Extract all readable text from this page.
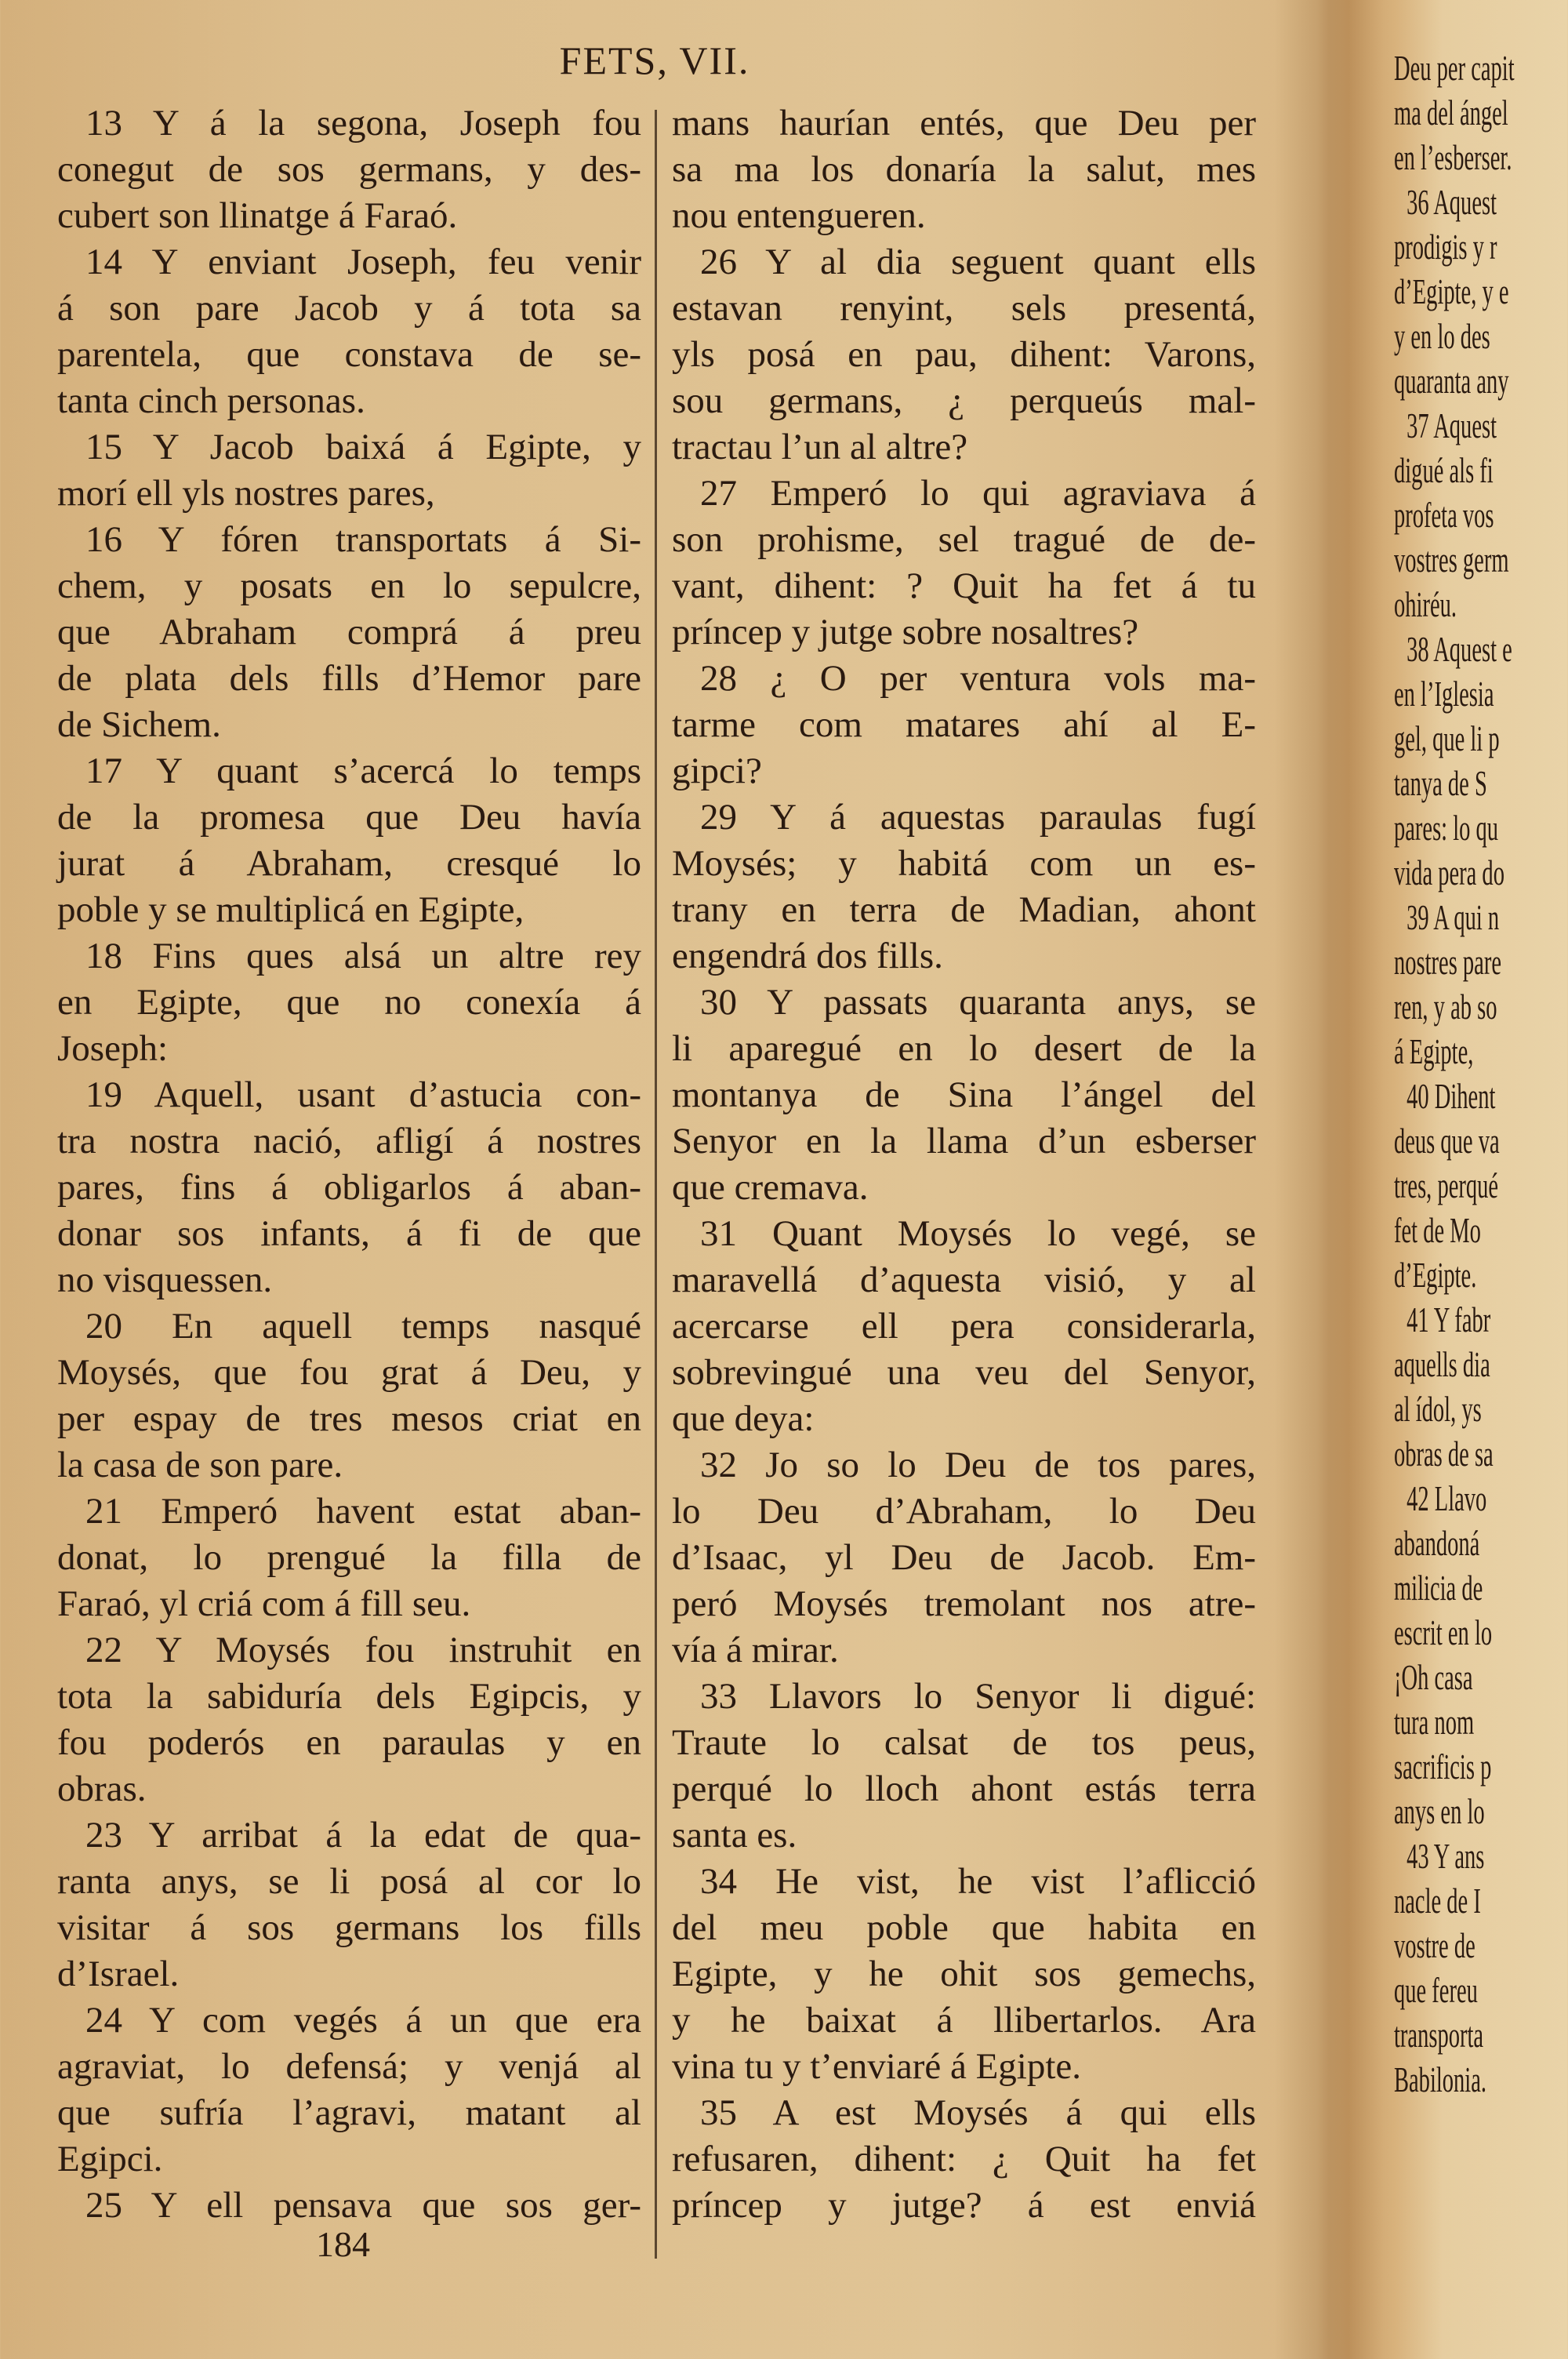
FETS, VII.
13 Y á la segona, Joseph fou
conegut de sos germans, y des-
cubert son llinatge á Faraó.
14 Y enviant Joseph, feu venir
á son pare Jacob y á tota sa
parentela, que constava de se-
tanta cinch personas.
15 Y Jacob baixá á Egipte, y
morí ell yls nostres pares,
16 Y fóren transportats á Si-
chem, y posats en lo sepulcre,
que Abraham comprá á preu
de plata dels fills d’Hemor pare
de Sichem.
17 Y quant s’acercá lo temps
de la promesa que Deu havía
jurat á Abraham, cresqué lo
poble y se multiplicá en Egipte,
18 Fins ques alsá un altre rey
en Egipte, que no conexía á
Joseph:
19 Aquell, usant d’astucia con-
tra nostra nació, afligí á nostres
pares, fins á obligarlos á aban-
donar sos infants, á fi de que
no visquessen.
20 En aquell temps nasqué
Moysés, que fou grat á Deu, y
per espay de tres mesos criat en
la casa de son pare.
21 Emperó havent estat aban-
donat, lo prengué la filla de
Faraó, yl criá com á fill seu.
22 Y Moysés fou instruhit en
tota la sabiduría dels Egipcis, y
fou poderós en paraulas y en
obras.
23 Y arribat á la edat de qua-
ranta anys, se li posá al cor lo
visitar á sos germans los fills
d’Israel.
24 Y com vegés á un que era
agraviat, lo defensá; y venjá al
que sufría l’agravi, matant al
Egipci.
25 Y ell pensava que sos ger-
mans haurían entés, que Deu per
sa ma los donaría la salut, mes
nou entengueren.
26 Y al dia seguent quant ells
estavan renyint, sels presentá,
yls posá en pau, dihent: Varons,
sou germans, ¿ perqueús mal-
tractau l’un al altre?
27 Emperó lo qui agraviava á
son prohisme, sel tragué de de-
vant, dihent: ? Quit ha fet á tu
príncep y jutge sobre nosaltres?
28 ¿ O per ventura vols ma-
tarme com matares ahí al E-
gipci?
29 Y á aquestas paraulas fugí
Moysés; y habitá com un es-
trany en terra de Madian, ahont
engendrá dos fills.
30 Y passats quaranta anys, se
li aparegué en lo desert de la
montanya de Sina l’ángel del
Senyor en la llama d’un esberser
que cremava.
31 Quant Moysés lo vegé, se
maravellá d’aquesta visió, y al
acercarse ell pera considerarla,
sobrevingué una veu del Senyor,
que deya:
32 Jo so lo Deu de tos pares,
lo Deu d’Abraham, lo Deu
d’Isaac, yl Deu de Jacob. Em-
peró Moysés tremolant nos atre-
vía á mirar.
33 Llavors lo Senyor li digué:
Traute lo calsat de tos peus,
perqué lo lloch ahont estás terra
santa es.
34 He vist, he vist l’aflicció
del meu poble que habita en
Egipte, y he ohit sos gemechs,
y he baixat á llibertarlos. Ara
vina tu y t’enviaré á Egipte.
35 A est Moysés á qui ells
refusaren, dihent: ¿ Quit ha fet
príncep y jutge? á est enviá
184
Deu per capit
ma del ángel
en l’esberser.
36 Aquest
prodigis y r
d’Egipte, y e
y en lo des
quaranta any
37 Aquest
digué als fi
profeta vos
vostres germ
ohiréu.
38 Aquest e
en l’Iglesia
gel, que li p
tanya de S
pares: lo qu
vida pera do
39 A qui n
nostres pare
ren, y ab so
á Egipte,
40 Dihent
deus que va
tres, perqué
fet de Mo
d’Egipte.
41 Y fabr
aquells dia
al ídol, ys
obras de sa
42 Llavo
abandoná
milicia de
escrit en lo
¡Oh casa
tura nom
sacrificis p
anys en lo
43 Y ans
nacle de I
vostre de
que fereu
transporta
Babilonia.
